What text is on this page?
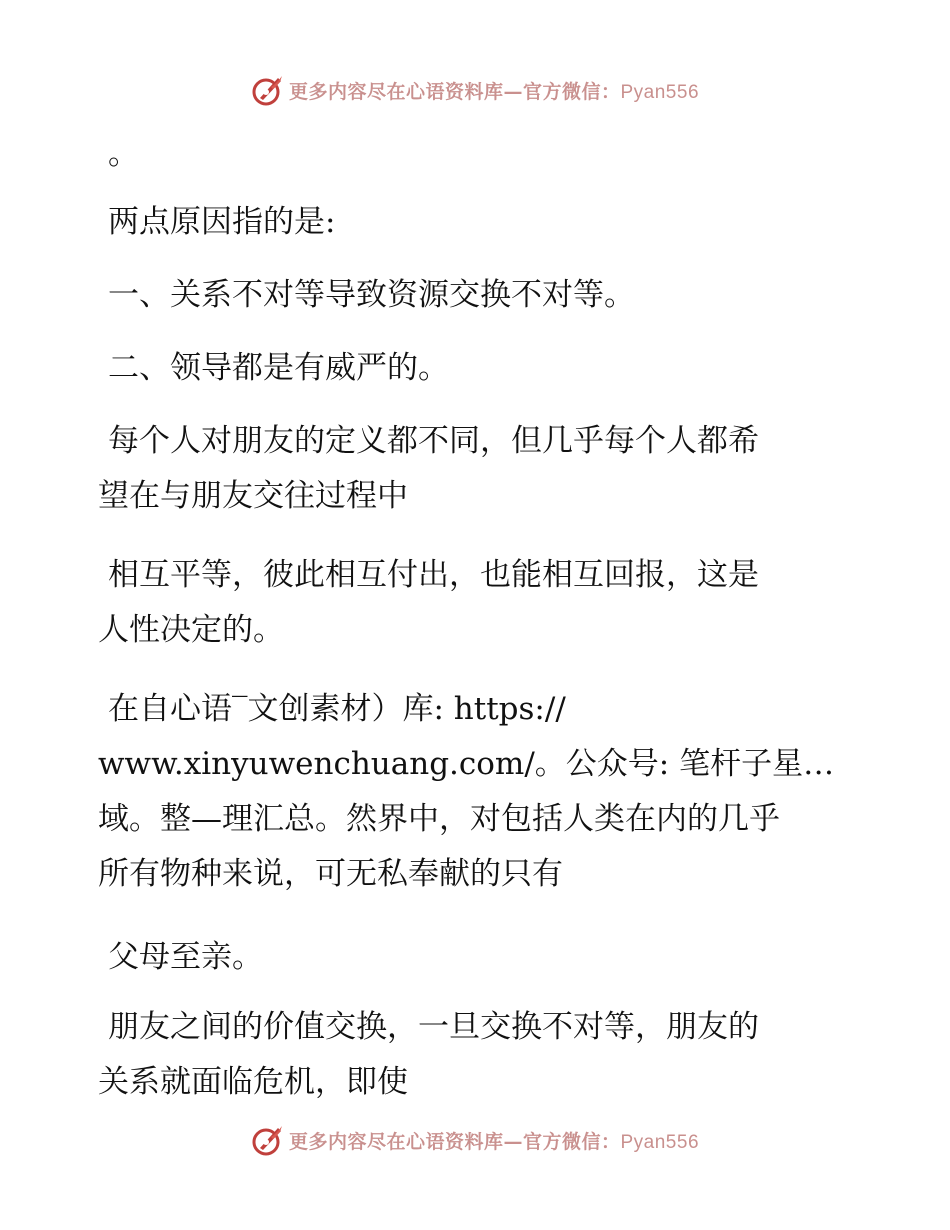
更多内容尽在心语资料库—官方微信：Pyan556

。

两点原因指的是:

一、关系不对等导致资源交换不对等。

二、领导都是有威严的。

每个人对朋友的定义都不同，但几乎每个人都希
望在与朋友交往过程中

相互平等，彼此相互付出，也能相互回报，这是
人性决定的。

在自心语‾文创素材）库: https://
www.xinyuwenchuang.com/。公众号: 笔杆子星…
域。整—理汇总。然界中，对包括人类在内的几乎
所有物种来说，可无私奉献的只有

父母至亲。

朋友之间的价值交换，一旦交换不对等，朋友的
关系就面临危机，即使

更多内容尽在心语资料库—官方微信：Pyan556
